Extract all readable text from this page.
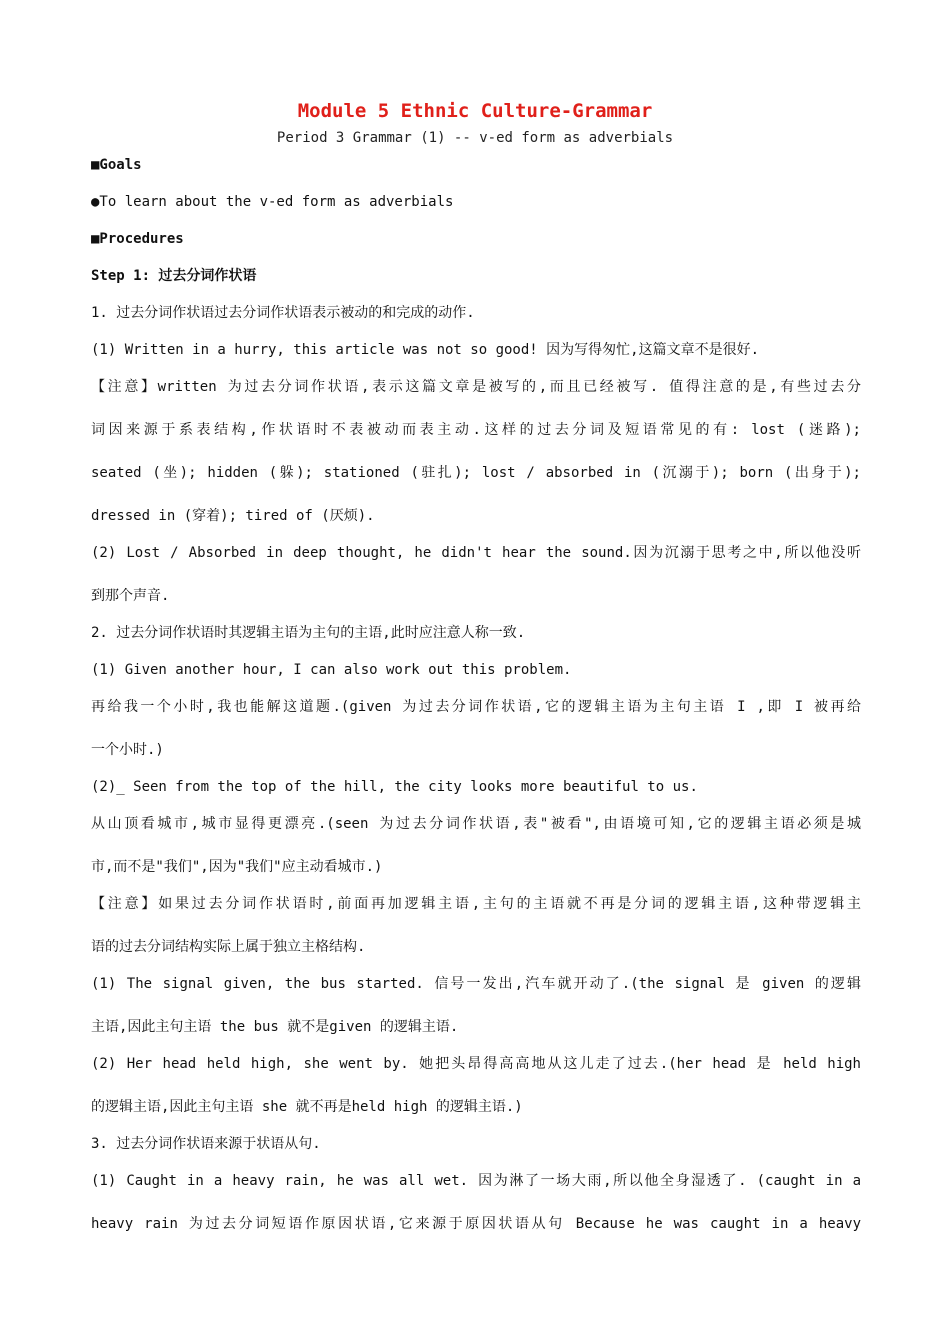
Module 5 Ethnic Culture-Grammar
Period 3 Grammar (1) -- v-ed form as adverbials
■Goals
●To learn about the v-ed form as adverbials
■Procedures
Step 1: 过去分词作状语
1. 过去分词作状语过去分词作状语表示被动的和完成的动作.
(1) Written in a hurry, this article was not so good! 因为写得匆忙,这篇文章不是很好.
【注意】written 为过去分词作状语,表示这篇文章是被写的,而且已经被写. 值得注意的是,有些过去分
词因来源于系表结构,作状语时不表被动而表主动.这样的过去分词及短语常见的有: lost (迷路);
seated (坐); hidden (躲); stationed (驻扎); lost / absorbed in (沉溺于); born (出身于);
dressed in (穿着); tired of (厌烦).
(2) Lost / Absorbed in deep thought, he didn't hear the sound.因为沉溺于思考之中,所以他没听
到那个声音.
2. 过去分词作状语时其逻辑主语为主句的主语,此时应注意人称一致.
(1) Given another hour, I can also work out this problem.
再给我一个小时,我也能解这道题.(given 为过去分词作状语,它的逻辑主语为主句主语 I ,即 I 被再给
一个小时.)
(2)_ Seen from the top of the hill, the city looks more beautiful to us.
从山顶看城市,城市显得更漂亮.(seen 为过去分词作状语,表"被看",由语境可知,它的逻辑主语必须是城
市,而不是"我们",因为"我们"应主动看城市.)
【注意】如果过去分词作状语时,前面再加逻辑主语,主句的主语就不再是分词的逻辑主语,这种带逻辑主
语的过去分词结构实际上属于独立主格结构.
(1) The signal given, the bus started. 信号一发出,汽车就开动了.(the signal 是 given 的逻辑
主语,因此主句主语 the bus 就不是given 的逻辑主语.
(2) Her head held high, she went by. 她把头昂得高高地从这儿走了过去.(her head 是 held high
的逻辑主语,因此主句主语 she 就不再是held high 的逻辑主语.)
3. 过去分词作状语来源于状语从句.
(1) Caught in a heavy rain, he was all wet. 因为淋了一场大雨,所以他全身湿透了. (caught in a
heavy rain 为过去分词短语作原因状语,它来源于原因状语从句 Because he was caught in a heavy
